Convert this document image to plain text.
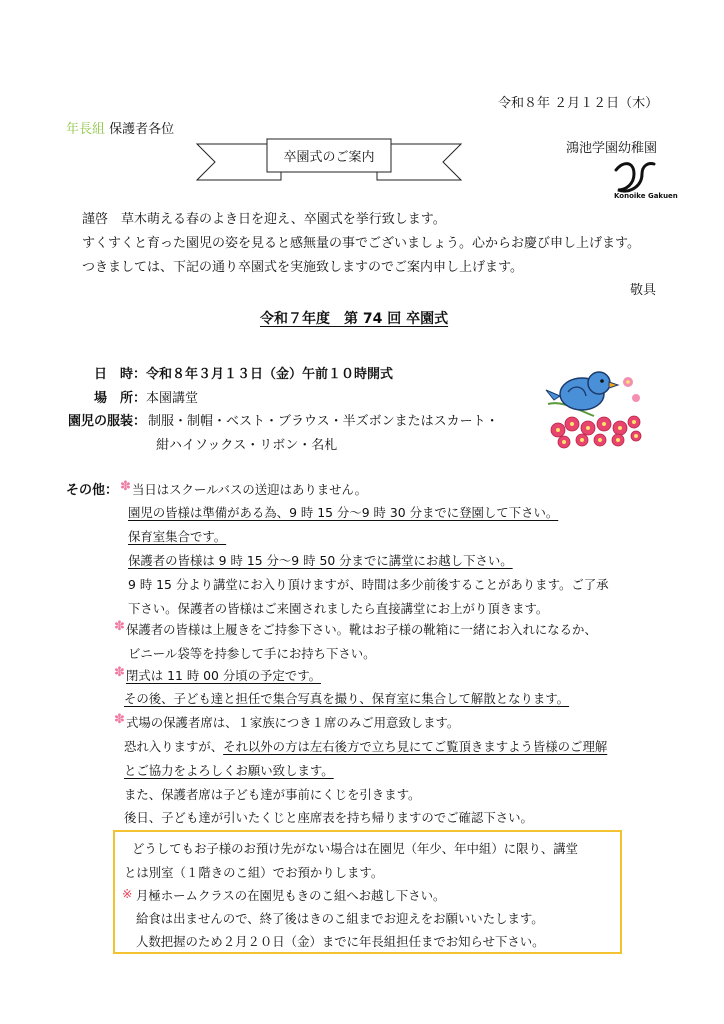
令和８年 ２月１２日（木）
年長組 保護者各位
卒園式のご案内
鴻池学園幼稚園
Konoike Gakuen
謹啓　草木萌える春のよき日を迎え、卒園式を挙行致します。
すくすくと育った園児の姿を見ると感無量の事でございましょう。心からお慶び申し上げます。
つきましては、下記の通り卒園式を実施致しますのでご案内申し上げます。
敬具
令和７年度　第 74 回 卒園式
日　時： 令和８年３月１３日（金）午前１０時開式
場　所： 本園講堂
園児の服装： 制服・制帽・ベスト・ブラウス・半ズボンまたはスカート・
紺ハイソックス・リボン・名札
その他： ✽ 当日はスクールバスの送迎はありません。
園児の皆様は準備がある為、9 時 15 分～9 時 30 分までに登園して下さい。
保育室集合です。
保護者の皆様は 9 時 15 分～9 時 50 分までに講堂にお越し下さい。
9 時 15 分より講堂にお入り頂けますが、時間は多少前後することがあります。ご了承
下さい。保護者の皆様はご来園されましたら直接講堂にお上がり頂きます。
✽ 保護者の皆様は上履きをご持参下さい。靴はお子様の靴箱に一緒にお入れになるか、
ビニール袋等を持参して手にお持ち下さい。
✽ 閉式は 11 時 00 分頃の予定です。
その後、子ども達と担任で集合写真を撮り、保育室に集合して解散となります。
✽ 式場の保護者席は、１家族につき１席のみご用意致します。
恐れ入りますが、それ以外の方は左右後方で立ち見にてご覧頂きますよう皆様のご理解
とご協力をよろしくお願い致します。
また、保護者席は子ども達が事前にくじを引きます。
後日、子ども達が引いたくじと座席表を持ち帰りますのでご確認下さい。
どうしてもお子様のお預け先がない場合は在園児（年少、年中組）に限り、講堂
とは別室（１階きのこ組）でお預かりします。
※ 月極ホームクラスの在園児もきのこ組へお越し下さい。
給食は出ませんので、終了後はきのこ組までお迎えをお願いいたします。
人数把握のため２月２０日（金）までに年長組担任までお知らせ下さい。
